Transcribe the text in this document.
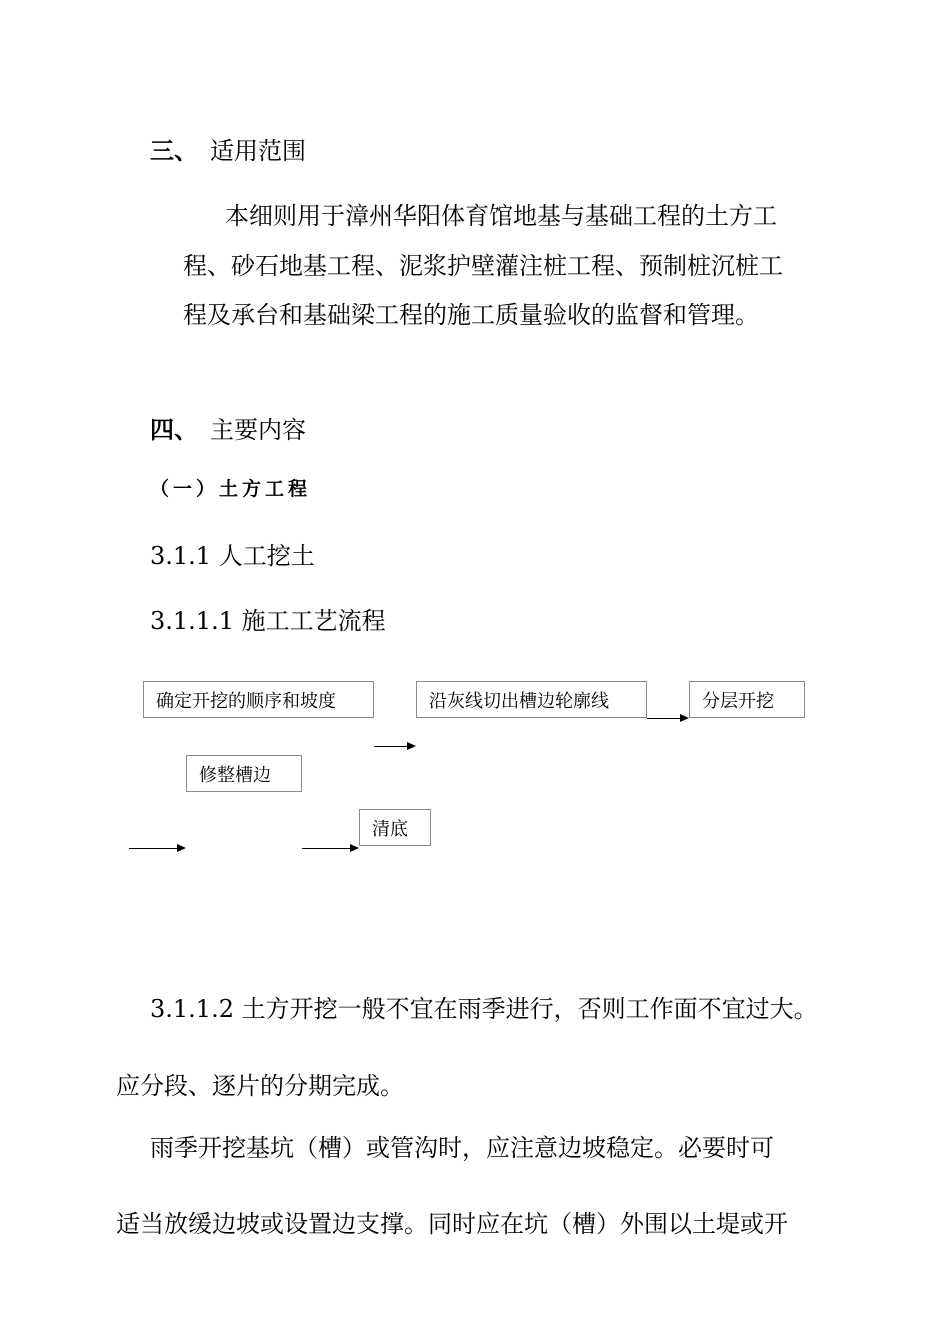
三、 适用范围
本细则用于漳州华阳体育馆地基与基础工程的土方工
程、砂石地基工程、泥浆护壁灌注桩工程、预制桩沉桩工
程及承台和基础梁工程的施工质量验收的监督和管理。
四、 主要内容
（一）土方工程
3.1.1 人工挖土
3.1.1.1 施工工艺流程
确定开挖的顺序和坡度	沿灰线切出槽边轮廓线	分层开挖
修整槽边
清底
3.1.1.2 土方开挖一般不宜在雨季进行，否则工作面不宜过大。
应分段、逐片的分期完成。
雨季开挖基坑（槽）或管沟时，应注意边坡稳定。必要时可
适当放缓边坡或设置边支撑。同时应在坑（槽）外围以土堤或开
